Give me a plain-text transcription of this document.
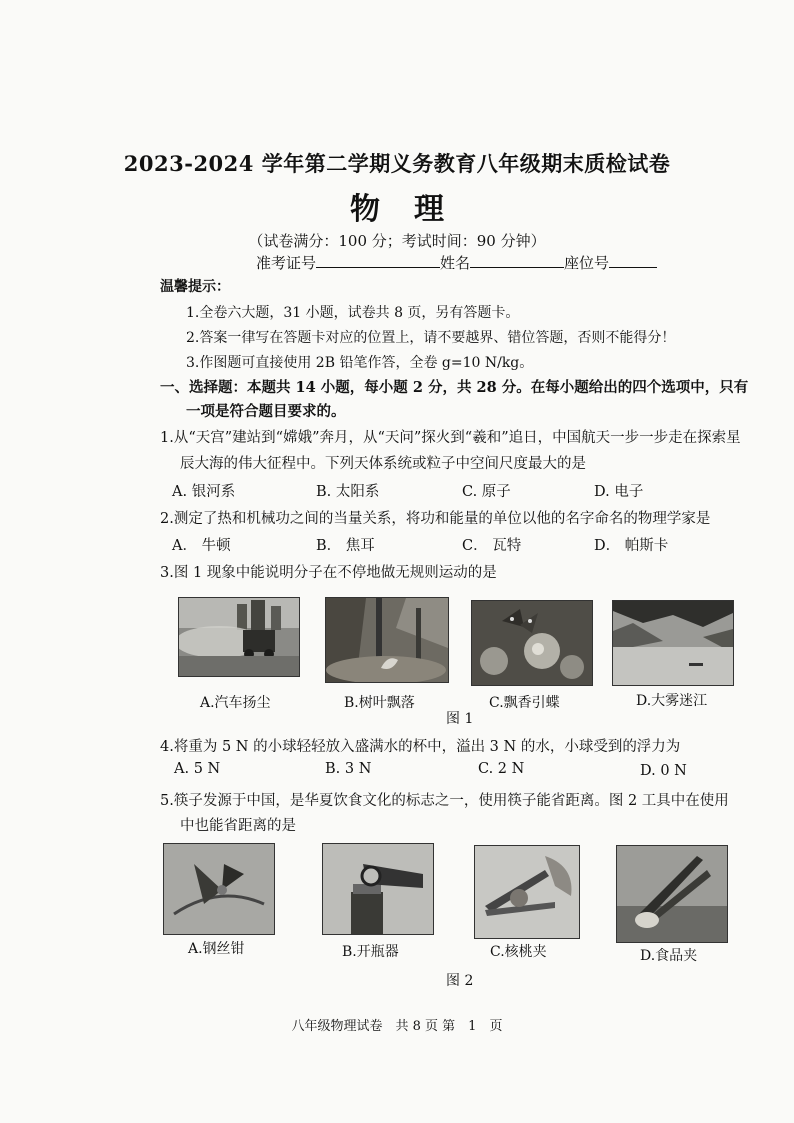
2023-2024 学年第二学期义务教育八年级期末质检试卷
物理
（试卷满分：100 分；考试时间：90 分钟）
准考证号	姓名	座位号
温馨提示：
1.全卷六大题，31 小题，试卷共 8 页，另有答题卡。
2.答案一律写在答题卡对应的位置上，请不要越界、错位答题，否则不能得分！
3.作图题可直接使用 2B 铅笔作答，全卷 g=10 N/kg。
一、选择题：本题共 14 小题，每小题 2 分，共 28 分。在每小题给出的四个选项中，只有
一项是符合题目要求的。
1.从“天宫”建站到“嫦娥”奔月，从“天问”探火到“羲和”追日，中国航天一步一步走在探索星
辰大海的伟大征程中。下列天体系统或粒子中空间尺度最大的是
A. 银河系	B. 太阳系	C. 原子	D. 电子
2.测定了热和机械功之间的当量关系，将功和能量的单位以他的名字命名的物理学家是
A． 牛顿	B． 焦耳	C． 瓦特	D． 帕斯卡
3.图 1 现象中能说明分子在不停地做无规则运动的是
A.汽车扬尘	B.树叶飘落	C.飘香引蝶	D.大雾迷江
图 1
4.将重为 5 N 的小球轻轻放入盛满水的杯中，溢出 3 N 的水，小球受到的浮力为
A. 5 N	B. 3 N	C. 2 N	D. 0 N
5.筷子发源于中国，是华夏饮食文化的标志之一，使用筷子能省距离。图 2 工具中在使用
中也能省距离的是
A.钢丝钳	B.开瓶器	C.核桃夹	D.食品夹
图 2
八年级物理试卷　共 8 页 第　1　页
